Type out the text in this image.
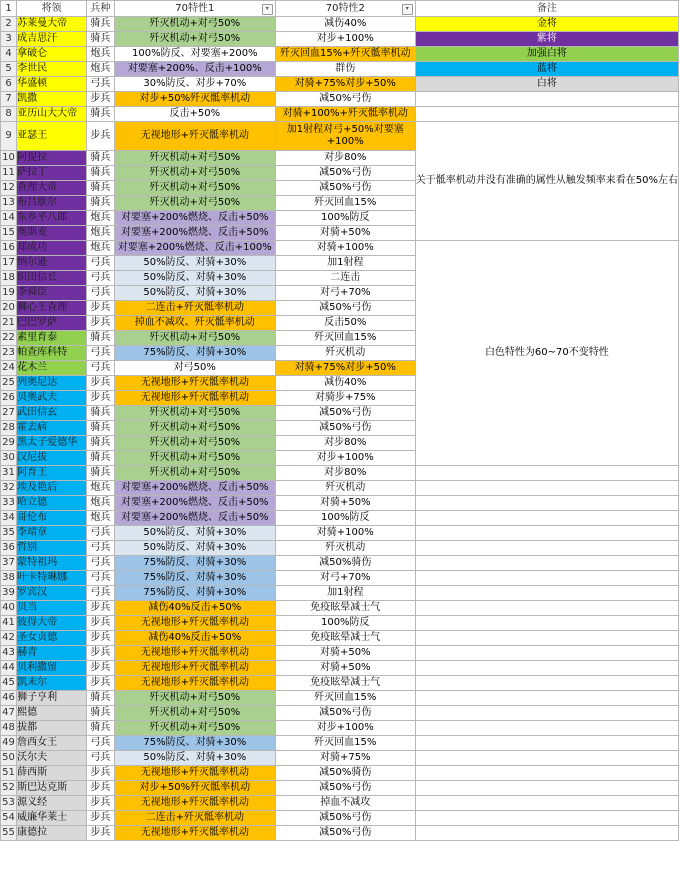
1	将领	兵种	70特性1 ▾	70特性2 ▾	备注
2	苏莱曼大帝	骑兵	歼灭机动+对弓50%	减伤40%	金将
3	成吉思汗	骑兵	歼灭机动+对弓50%	对步+100%	紫将
4	拿破仑	炮兵	100%防反、对要塞+200%	歼灭回血15%+歼灭骶率机动	加强白将
5	李世民	炮兵	对要塞+200%、反击+100%	群伤	蓝将
6	华盛顿	弓兵	30%防反、对步+70%	对骑+75%对步+50%	白将
7	凯撒	步兵	对步+50%歼灭骶率机动	减50%弓伤	
8	亚历山大大帝	骑兵	反击+50%	对骑+100%+歼灭骶率机动	
9	亚瑟王	步兵	无视地形+歼灭骶率机动	加1射程对弓+50%对要塞+100%	关于骶率机动并没有准确的属性从触发频率来看在50%左右
10	阿提拉	骑兵	歼灭机动+对弓50%	对步80%	
11	萨拉丁	骑兵	歼灭机动+对弓50%	减50%弓伤	
12	查理大帝	骑兵	歼灭机动+对弓50%	减50%弓伤	
13	布吕歇尔	骑兵	歼灭机动+对弓50%	歼灭回血15%	
14	东乡平八郎	炮兵	对要塞+200%燃烧、反击+50%	100%防反	
15	奥斯麦	炮兵	对要塞+200%燃烧、反击+50%	对骑+50%	
16	郑成功	炮兵	对要塞+200%燃烧、反击+100%	对骑+100%	白色特性为60~70不变特性
17	纳尔逊	弓兵	50%防反、对骑+30%	加1射程	
18	织田信长	弓兵	50%防反、对骑+30%	二连击	
19	李舜臣	弓兵	50%防反、对骑+30%	对弓+70%	
20	狮心王查理	步兵	二连击+歼灭骶率机动	减50%弓伤	
21	巴巴罗萨	步兵	掉血不减攻、歼灭骶率机动	反击50%	
22	素里育泰	骑兵	歼灭机动+对弓50%	歼灭回血15%	
23	帕查库科特	弓兵	75%防反、对骑+30%	歼灭机动	
24	花木兰	弓兵	对弓50%	对骑+75%对步+50%	
25	列奥尼达	步兵	无视地形+歼灭骶率机动	减伤40%	
26	贝奥武夫	步兵	无视地形+歼灭骶率机动	对骑步+75%	
27	武田信玄	骑兵	歼灭机动+对弓50%	减50%弓伤	
28	霍去病	骑兵	歼灭机动+对弓50%	减50%弓伤	
29	黑太子爱德华	骑兵	歼灭机动+对弓50%	对步80%	
30	汉尼拔	骑兵	歼灭机动+对弓50%	对步+100%	
31	阿育王	骑兵	歼灭机动+对弓50%	对步80%	
32	埃及艳后	炮兵	对要塞+200%燃烧、反击+50%	歼灭机动	
33	哈立德	炮兵	对要塞+200%燃烧、反击+50%	对骑+50%	
34	哥伦布	炮兵	对要塞+200%燃烧、反击+50%	100%防反	
35	李靖章	弓兵	50%防反、对骑+30%	对骑+100%	
36	哲别	弓兵	50%防反、对骑+30%	歼灭机动	
37	蒙特祖玛	弓兵	75%防反、对骑+30%	减50%骑伤	
38	叶卡特琳娜	弓兵	75%防反、对骑+30%	对弓+70%	
39	罗宾汉	弓兵	75%防反、对骑+30%	加1射程	
40	贝当	步兵	减伤40%反击+50%	免疫眩晕减士气	
41	彼得大帝	步兵	无视地形+歼灭骶率机动	100%防反	
42	圣女贞德	步兵	减伤40%反击+50%	免疫眩晕减士气	
43	赫青	步兵	无视地形+歼灭骶率机动	对骑+50%	
44	贝利撒留	步兵	无视地形+歼灭骶率机动	对骑+50%	
45	凯末尔	步兵	无视地形+歼灭骶率机动	免疫眩晕减士气	
46	狮子亨利	骑兵	歼灭机动+对弓50%	歼灭回血15%	
47	熙德	骑兵	歼灭机动+对弓50%	减50%弓伤	
48	拔都	骑兵	歼灭机动+对弓50%	对步+100%	
49	詹西女王	弓兵	75%防反、对骑+30%	歼灭回血15%	
50	沃尔夫	弓兵	50%防反、对骑+30%	对骑+75%	
51	薛西斯	步兵	无视地形+歼灭骶率机动	减50%骑伤	
52	斯巴达克斯	步兵	对步+50%歼灭骶率机动	减50%弓伤	
53	源义经	步兵	无视地形+歼灭骶率机动	掉血不减攻	
54	威廉华莱士	步兵	二连击+歼灭骶率机动	减50%弓伤	
55	康德拉	步兵	无视地形+歼灭骶率机动	减50%弓伤	
